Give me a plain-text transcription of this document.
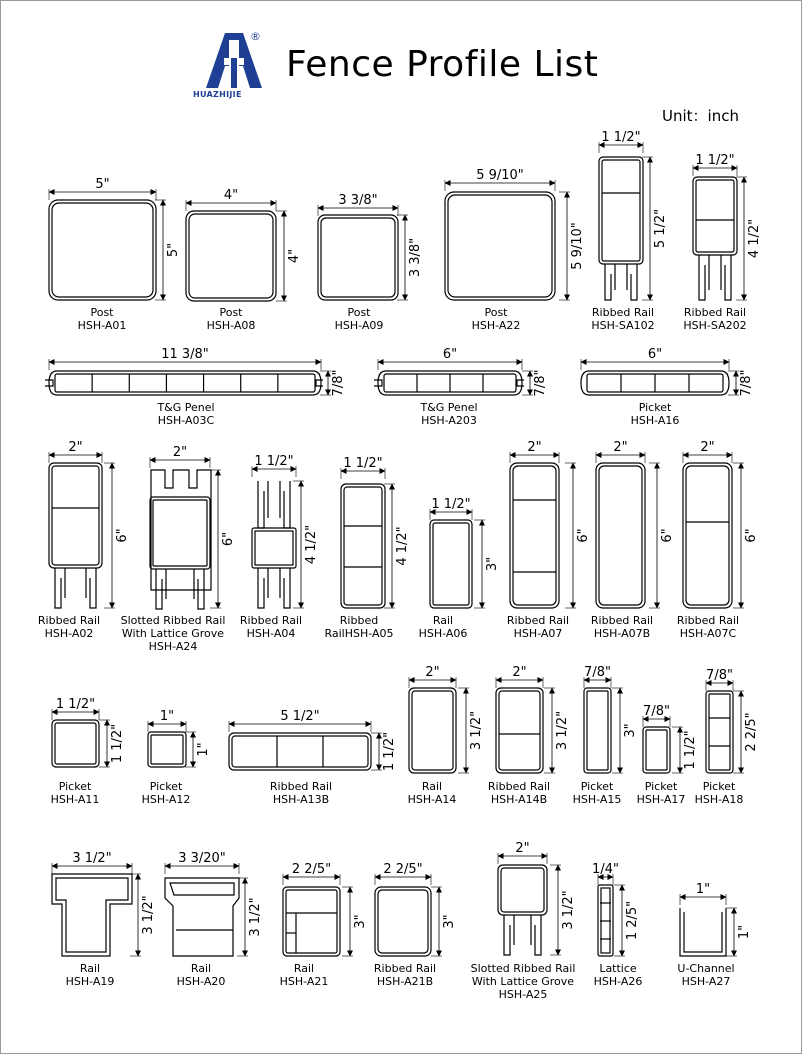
Fence Profile List
Unit：inch
HUAZHIJIE
®
5"
5"
Post
HSH-A01
4"
4"
Post
HSH-A08
3 3/8"
3 3/8"
Post
HSH-A09
5 9/10"
5 9/10"
Post
HSH-A22
1 1/2"
5 1/2"
Ribbed Rail
HSH-SA102
1 1/2"
4 1/2"
Ribbed Rail
HSH-SA202
11 3/8"
7/8"
T&G Penel
HSH-A03C
6"
7/8"
T&G Penel
HSH-A203
6"
7/8"
Picket
HSH-A16
2"
6"
Ribbed Rail
HSH-A02
2"
6"
Slotted Ribbed Rail
With Lattice Grove
HSH-A24
1 1/2"
4 1/2"
Ribbed Rail
HSH-A04
1 1/2"
4 1/2"
Ribbed
RailHSH-A05
1 1/2"
3"
Rail
HSH-A06
2"
6"
Ribbed Rail
HSH-A07
2"
6"
Ribbed Rail
HSH-A07B
2"
6"
Ribbed Rail
HSH-A07C
1 1/2"
1 1/2"
Picket
HSH-A11
1"
1"
Picket
HSH-A12
5 1/2"
1 1/2"
Ribbed Rail
HSH-A13B
2"
3 1/2"
Rail
HSH-A14
2"
3 1/2"
Ribbed Rail
HSH-A14B
7/8"
3"
Picket
HSH-A15
7/8"
1 1/2"
Picket
HSH-A17
7/8"
2 2/5"
Picket
HSH-A18
3 1/2"
3 1/2"
Rail
HSH-A19
3 3/20"
3 1/2"
Rail
HSH-A20
2 2/5"
3"
Rail
HSH-A21
2 2/5"
3"
Ribbed Rail
HSH-A21B
2"
3 1/2"
Slotted Ribbed Rail
With Lattice Grove
HSH-A25
1/4"
1 2/5"
Lattice
HSH-A26
1"
1"
U-Channel
HSH-A27
